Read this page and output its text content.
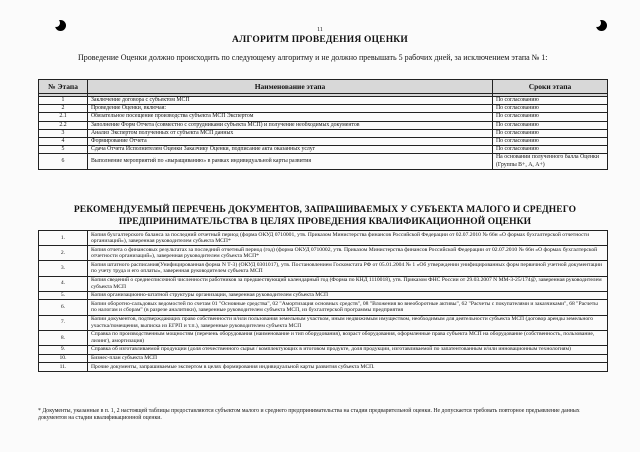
11
АЛГОРИТМ ПРОВЕДЕНИЯ ОЦЕНКИ
Проведение Оценки должно происходить по следующему алгоритму и не должно превышать 5 рабочих дней, за исключением этапа № 1:
№ Этапа	Наименование этапа	Сроки этапа

1	Заключение договора с субъектом МСП	По согласованию
2	Проведение Оценки, включая:	По согласованию
2.1	Обязательное посещение производства субъекта МСП Экспертом	По согласованию
2.2	Заполнение Форм Отчета (совместно с сотрудниками субъекта МСП) и получение необходимых документов	По согласованию
3	Анализ Экспертом полученных от субъекта МСП данных	По согласованию
4	Формирование Отчета	По согласованию
5	Сдача Отчета Исполнителем Оценки Заказчику Оценки, подписание акта оказанных услуг	По согласованию
6	Выполнение мероприятий по «выращиванию» в рамках индивидуальной карты развития	На основании полученного балла Оценки (Группы В+, А, А+)
РЕКОМЕНДУЕМЫЙ ПЕРЕЧЕНЬ ДОКУМЕНТОВ, ЗАПРАШИВАЕМЫХ У СУБЪЕКТА МАЛОГО И СРЕДНЕГО ПРЕДПРИНИМАТЕЛЬСТВА В ЦЕЛЯХ ПРОВЕДЕНИЯ КВАЛИФИКАЦИОННОЙ ОЦЕНКИ
1.	Копия бухгалтерского баланса за последний отчетный период (форма ОКУД 0710001, утв. Приказом Министерства финансов Российской Федерации от 02.07.2010 № 66н «О формах бухгалтерской отчетности организаций»), заверенная руководителем субъекта МСП*
2.	Копия отчета о финансовых результатах за последний отчетный период (год) (форма ОКУД 0710002, утв. Приказом Министерства финансов Российской Федерации от 02.07.2010 № 66н «О формах бухгалтерской отчетности организаций»), заверенная руководителем субъекта МСП*
3.	Копия штатного расписания(Унифицированная форма N Т-3) (ОКУД 0301017), утв. Постановлением Госкомстата РФ от 05.01.2004 № 1 «Об утверждении унифицированных форм первичной учетной документации по учету труда и его оплаты», заверенная руководителем субъекта МСП
4.	Копия сведений о среднесписочной численности работников за предшествующий календарный год (Форма по КНД 1110018), утв. Приказом ФНС России от 29.03.2007 N ММ-3-25/174@, заверенная руководителем субъекта МСП
5.	Копия организационно-штатной структуры организации, заверенная руководителем субъекта МСП
6.	Копии оборотно-сальдовых ведомостей по счетам 01 "Основные средства", 02 "Амортизация основных средств", 08 "Вложения во внеоборотные активы", 62 "Расчеты с покупателями и заказчиками", 68 "Расчеты по налогам и сборам" (в разрезе аналитики), заверенные руководителем субъекта МСП, из бухгалтерской программы предприятия
7.	Копии документов, подтверждающих право собственности и/или пользования земельным участком, иным недвижимым имуществом, необходимым для деятельности субъекта МСП (договор аренды земельного участка/помещения, выписка из ЕГРП и т.п.), заверенные руководителем субъекта МСП
8.	Справка по производственным мощностям (перечень оборудования (наименование и тип оборудования), возраст оборудования, оформленные права субъекта МСП на оборудование (собственность, пользование, лизинг), амортизация)
9.	Справка об изготавливаемой продукции (доля отечественного сырья / комплектующих в итоговом продукте, доля продукции, изготавливаемой по запатентованным и/или инновационным технологиям)
10.	Бизнес-план субъекта МСП
11.	Прочие документы, запрашиваемые экспертом в целях формирования индивидуальной карты развития субъекта МСП.
* Документы, указанные в п. 1, 2 настоящей таблицы предоставляются субъектом малого и среднего предпринимательства на стадии предварительной оценки. Не допускается требовать повторное предъявление данных документов на стадии квалификационной оценки.
